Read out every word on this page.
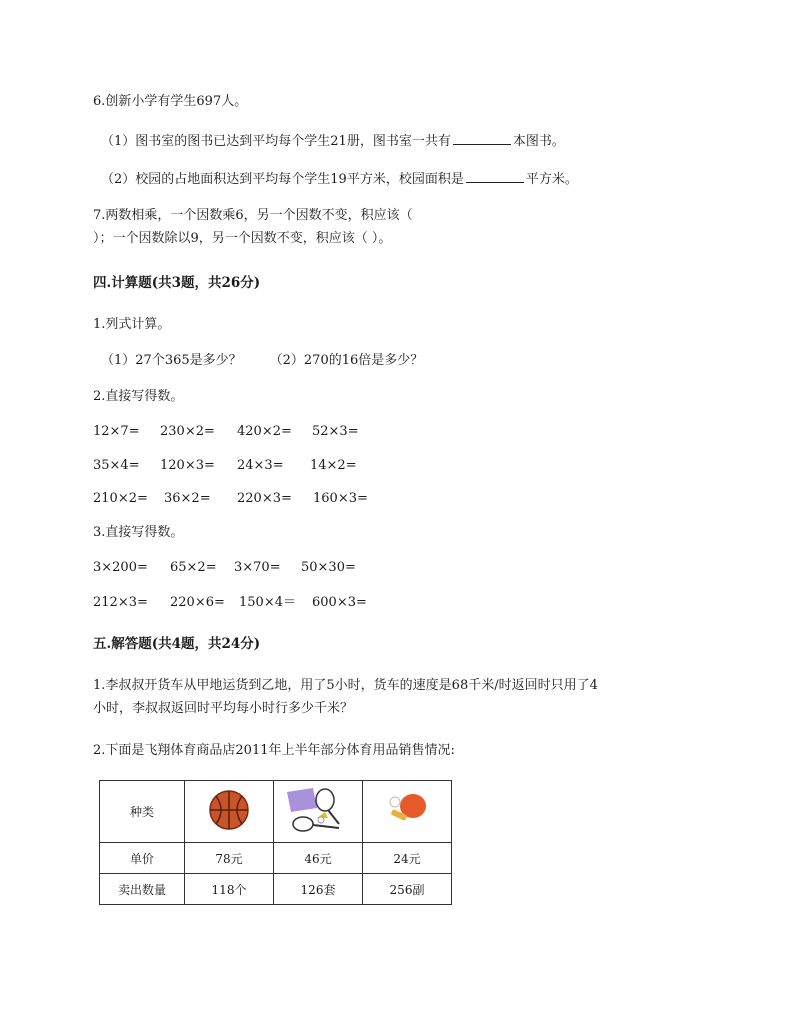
6.创新小学有学生697人。
（1）图书室的图书已达到平均每个学生21册，图书室一共有	本图书。
（2）校园的占地面积达到平均每个学生19平方米，校园面积是	平方米。
7.两数相乘，一个因数乘6，另一个因数不变，积应该（
）；一个因数除以9，另一个因数不变，积应该（ ）。
四.计算题(共3题，共26分)
1.列式计算。
（1）27个365是多少？ （2）270的16倍是多少？
2.直接写得数。
12×7= 230×2= 420×2= 52×3=
35×4= 120×3= 24×3= 14×2=
210×2= 36×2= 220×3= 160×3=
3.直接写得数。
3×200= 65×2= 3×70= 50×30=
212×3= 220×6= 150×4＝ 600×3=
五.解答题(共4题，共24分)
1.李叔叔开货车从甲地运货到乙地，用了5小时，货车的速度是68千米/时返回时只用了4
小时，李叔叔返回时平均每小时行多少千米？
2.下面是飞翔体育商品店2011年上半年部分体育用品销售情况:
种类			
单价	78元	46元	24元
卖出数量	118个	126套	256副
